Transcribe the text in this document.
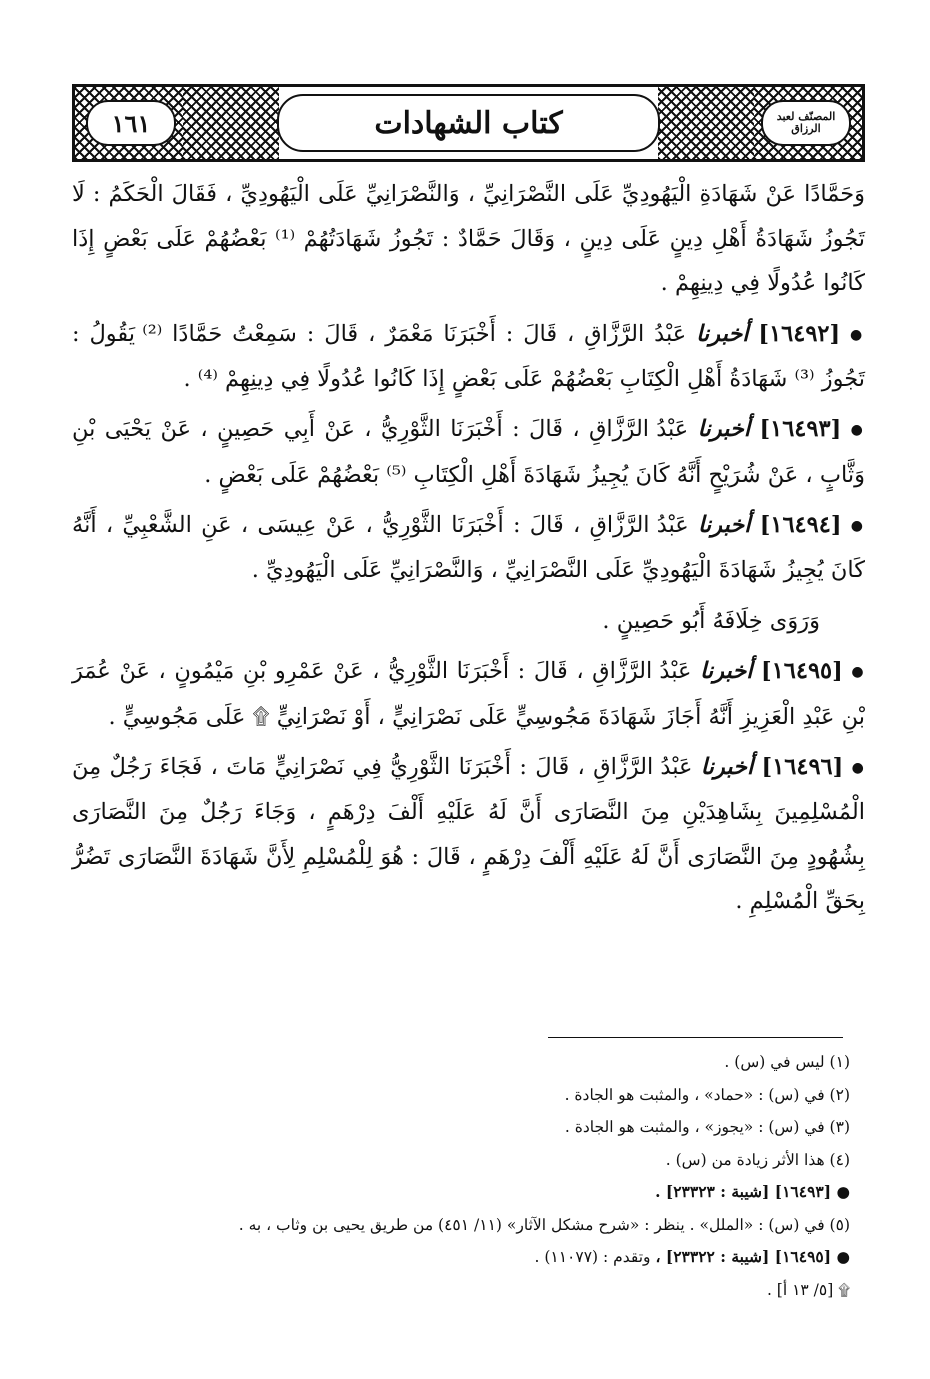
١٦١	المصنّف لعبد الرزاق
كتاب الشهادات

وَحَمَّادًا عَنْ شَهَادَةِ الْيَهُودِيِّ عَلَى النَّصْرَانِيِّ ، وَالنَّصْرَانِيِّ عَلَى الْيَهُودِيِّ ، فَقَالَ الْحَكَمُ : لَا تَجُوزُ شَهَادَةُ أَهْلِ دِينٍ عَلَى دِينٍ ، وَقَالَ حَمَّادٌ : تَجُوزُ شَهَادَتُهُمْ ⁽¹⁾ بَعْضُهُمْ عَلَى بَعْضٍ إِذَا كَانُوا عُدُولًا فِي دِينِهِمْ .

● [١٦٤٩٢] أخبرنا عَبْدُ الرَّزَّاقِ ، قَالَ : أَخْبَرَنَا مَعْمَرٌ ، قَالَ : سَمِعْتُ حَمَّادًا ⁽²⁾ يَقُولُ : تَجُوزُ ⁽³⁾ شَهَادَةُ أَهْلِ الْكِتَابِ بَعْضُهُمْ عَلَى بَعْضٍ إِذَا كَانُوا عُدُولًا فِي دِينِهِمْ ⁽⁴⁾ .

● [١٦٤٩٣] أخبرنا عَبْدُ الرَّزَّاقِ ، قَالَ : أَخْبَرَنَا الثَّوْرِيُّ ، عَنْ أَبِي حَصِينٍ ، عَنْ يَحْيَى بْنِ وَثَّابٍ ، عَنْ شُرَيْحٍ أَنَّهُ كَانَ يُجِيزُ شَهَادَةَ أَهْلِ الْكِتَابِ ⁽⁵⁾ بَعْضُهُمْ عَلَى بَعْضٍ .

● [١٦٤٩٤] أخبرنا عَبْدُ الرَّزَّاقِ ، قَالَ : أَخْبَرَنَا الثَّوْرِيُّ ، عَنْ عِيسَى ، عَنِ الشَّعْبِيِّ ، أَنَّهُ كَانَ يُجِيزُ شَهَادَةَ الْيَهُودِيِّ عَلَى النَّصْرَانِيِّ ، وَالنَّصْرَانِيِّ عَلَى الْيَهُودِيِّ .

وَرَوَى خِلَافَهُ أَبُو حَصِينٍ .

● [١٦٤٩٥] أخبرنا عَبْدُ الرَّزَّاقِ ، قَالَ : أَخْبَرَنَا الثَّوْرِيُّ ، عَنْ عَمْرِو بْنِ مَيْمُونٍ ، عَنْ عُمَرَ بْنِ عَبْدِ الْعَزِيزِ أَنَّهُ أَجَازَ شَهَادَةَ مَجُوسِيٍّ عَلَى نَصْرَانِيٍّ ، أَوْ نَصْرَانِيٍّ ۩ عَلَى مَجُوسِيٍّ .

● [١٦٤٩٦] أخبرنا عَبْدُ الرَّزَّاقِ ، قَالَ : أَخْبَرَنَا الثَّوْرِيُّ فِي نَصْرَانِيٍّ مَاتَ ، فَجَاءَ رَجُلٌ مِنَ الْمُسْلِمِينَ بِشَاهِدَيْنِ مِنَ النَّصَارَى أَنَّ لَهُ عَلَيْهِ أَلْفَ دِرْهَمٍ ، وَجَاءَ رَجُلٌ مِنَ النَّصَارَى بِشُهُودٍ مِنَ النَّصَارَى أَنَّ لَهُ عَلَيْهِ أَلْفَ دِرْهَمٍ ، قَالَ : هُوَ لِلْمُسْلِمِ لِأَنَّ شَهَادَةَ النَّصَارَى تَضُرُّ بِحَقِّ الْمُسْلِمِ .

(١) ليس في (س) .

(٢) في (س) : «حماد» ، والمثبت هو الجادة .

(٣) في (س) : «يجوز» ، والمثبت هو الجادة .

(٤) هذا الأثر زيادة من (س) .

● [١٦٤٩٣] [شيبة : ٢٣٣٢٣] .

(٥) في (س) : «الملل» . ينظر : «شرح مشكل الآثار» (١١/ ٤٥١) من طريق يحيى بن وثاب ، به .

● [١٦٤٩٥] [شيبة : ٢٣٣٢٢] ، وتقدم : (١١٠٧٧) .

۩ [٥/ ١٣ أ] .
